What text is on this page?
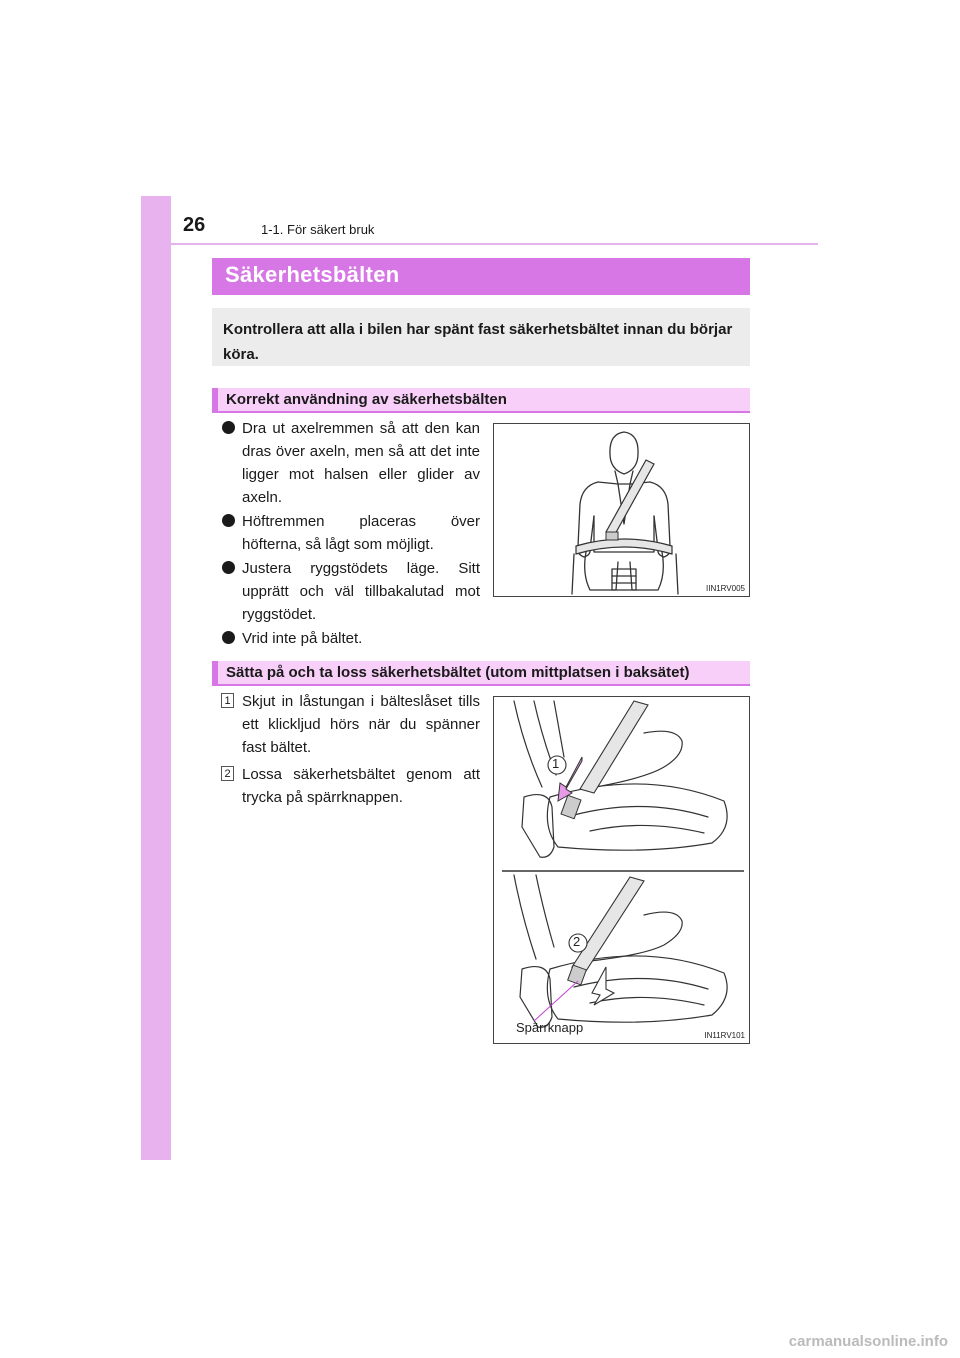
26	1-1. För säkert bruk
Säkerhetsbälten
Kontrollera att alla i bilen har spänt fast säkerhetsbältet innan du börjar köra.
Korrekt användning av säkerhetsbälten
Dra ut axelremmen så att den kan dras över axeln, men så att det inte ligger mot halsen eller glider av axeln.
Höftremmen placeras över höfterna, så lågt som möjligt.
Justera ryggstödets läge. Sitt upprätt och väl tillbakalutad mot ryggstödet.
Vrid inte på bältet.
IIN1RV005
Sätta på och ta loss säkerhetsbältet (utom mittplatsen i baksätet)
1 Skjut in låstungan i bälteslåset tills ett klickljud hörs när du spänner fast bältet.
2 Lossa säkerhetsbältet genom att trycka på spärrknappen.
1
2
Spärrknapp
IN11RV101
carmanualsonline.info
